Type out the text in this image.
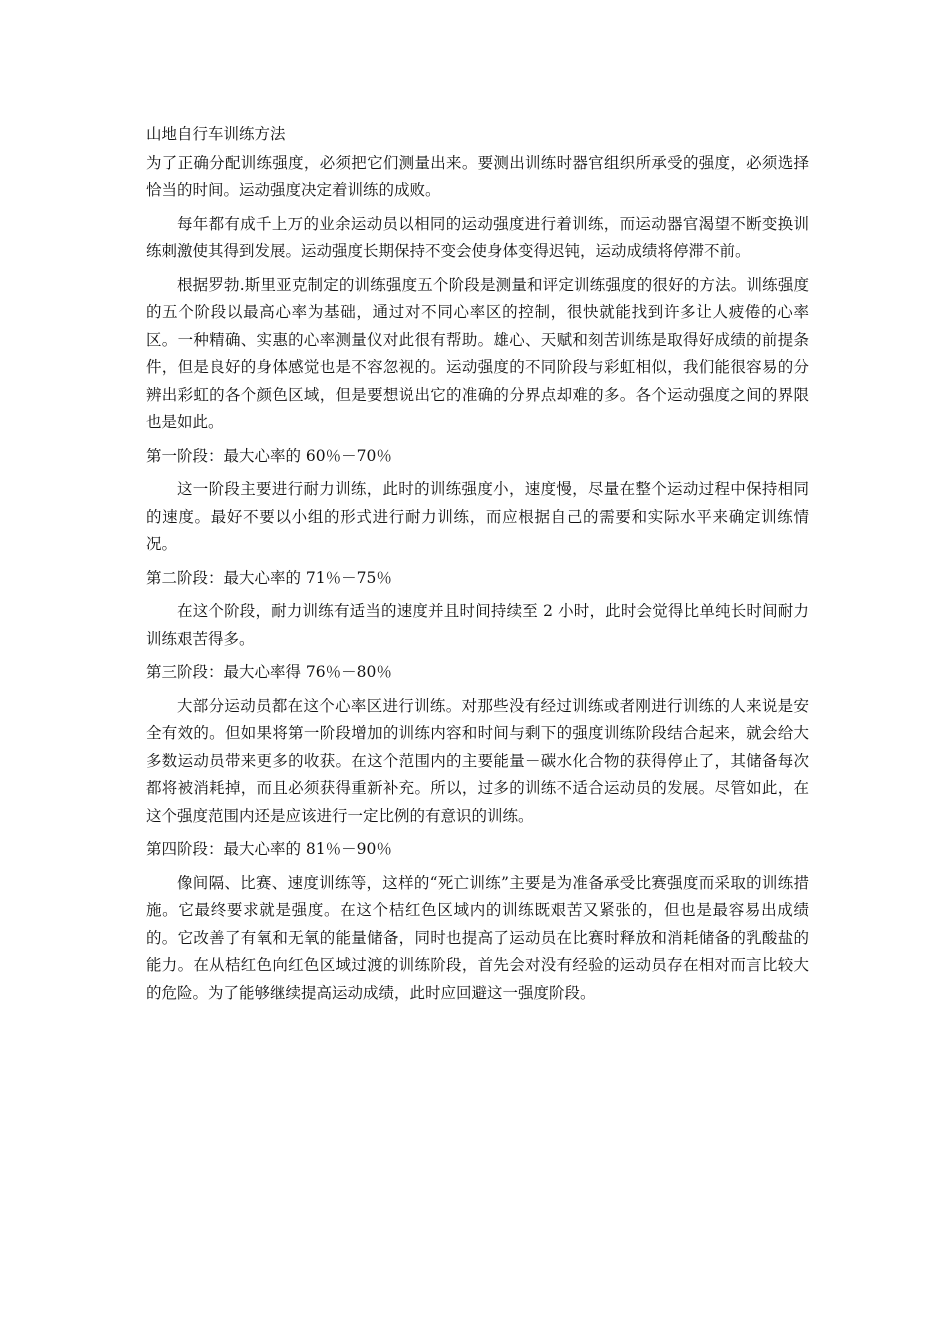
山地自行车训练方法

为了正确分配训练强度，必须把它们测量出来。要测出训练时器官组织所承受的强度，必须选择恰当的时间。运动强度决定着训练的成败。

每年都有成千上万的业余运动员以相同的运动强度进行着训练，而运动器官渴望不断变换训练刺激使其得到发展。运动强度长期保持不变会使身体变得迟钝，运动成绩将停滞不前。

根据罗勃.斯里亚克制定的训练强度五个阶段是测量和评定训练强度的很好的方法。训练强度的五个阶段以最高心率为基础，通过对不同心率区的控制，很快就能找到许多让人疲倦的心率区。一种精确、实惠的心率测量仪对此很有帮助。雄心、天赋和刻苦训练是取得好成绩的前提条件，但是良好的身体感觉也是不容忽视的。运动强度的不同阶段与彩虹相似，我们能很容易的分辨出彩虹的各个颜色区域，但是要想说出它的准确的分界点却难的多。各个运动强度之间的界限也是如此。

第一阶段：最大心率的 60％－70％

这一阶段主要进行耐力训练，此时的训练强度小，速度慢，尽量在整个运动过程中保持相同的速度。最好不要以小组的形式进行耐力训练，而应根据自己的需要和实际水平来确定训练情况。

第二阶段：最大心率的 71％－75％

在这个阶段，耐力训练有适当的速度并且时间持续至 2 小时，此时会觉得比单纯长时间耐力训练艰苦得多。

第三阶段：最大心率得 76％－80％

大部分运动员都在这个心率区进行训练。对那些没有经过训练或者刚进行训练的人来说是安全有效的。但如果将第一阶段增加的训练内容和时间与剩下的强度训练阶段结合起来，就会给大多数运动员带来更多的收获。在这个范围内的主要能量－碳水化合物的获得停止了，其储备每次都将被消耗掉，而且必须获得重新补充。所以，过多的训练不适合运动员的发展。尽管如此，在这个强度范围内还是应该进行一定比例的有意识的训练。

第四阶段：最大心率的 81％－90％

像间隔、比赛、速度训练等，这样的“死亡训练”主要是为准备承受比赛强度而采取的训练措施。它最终要求就是强度。在这个桔红色区域内的训练既艰苦又紧张的，但也是最容易出成绩的。它改善了有氧和无氧的能量储备，同时也提高了运动员在比赛时释放和消耗储备的乳酸盐的能力。在从桔红色向红色区域过渡的训练阶段，首先会对没有经验的运动员存在相对而言比较大的危险。为了能够继续提高运动成绩，此时应回避这一强度阶段。
